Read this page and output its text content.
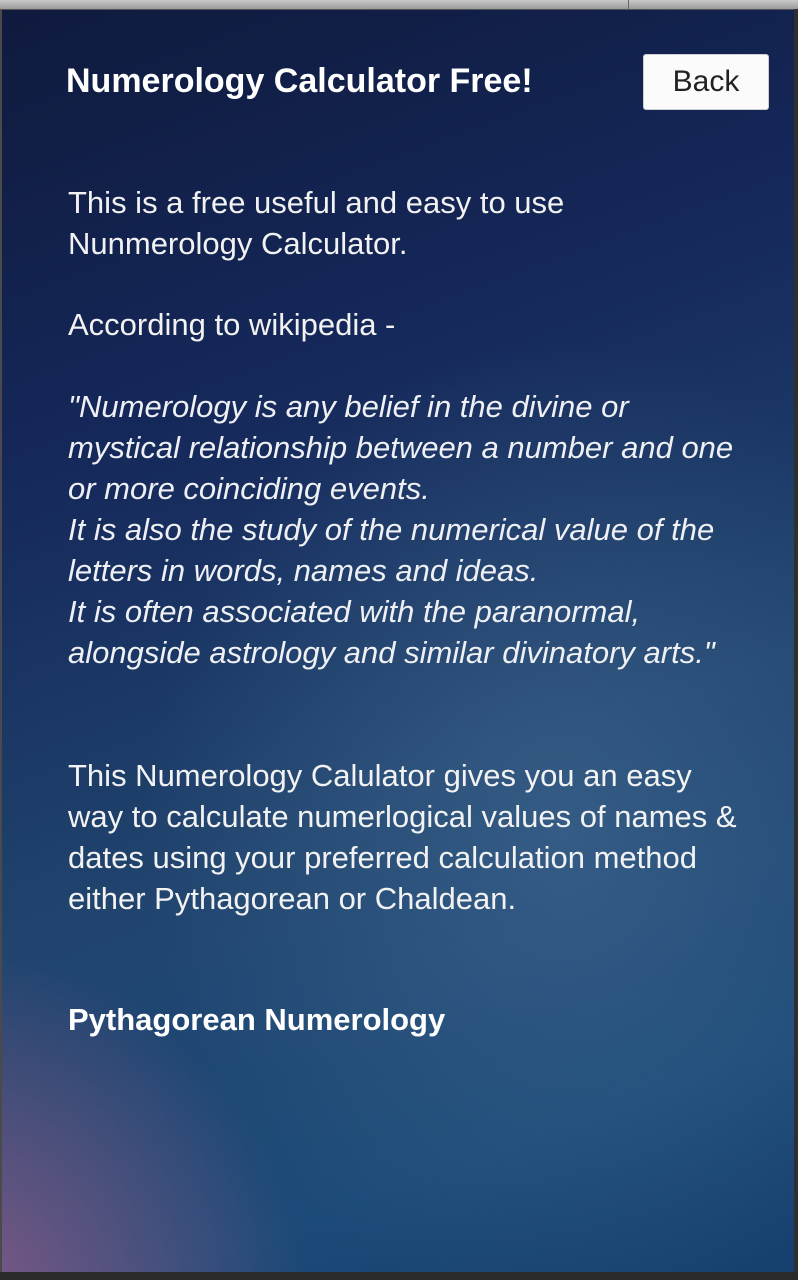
Numerology Calculator Free!	Back

This is a free useful and easy to use Nunmerology Calculator.

According to wikipedia -

"Numerology is any belief in the divine or mystical relationship between a number and one or more coinciding events.
It is also the study of the numerical value of the letters in words, names and ideas.
It is often associated with the paranormal, alongside astrology and similar divinatory arts."

This Numerology Calulator gives you an easy way to calculate numerlogical values of names & dates using your preferred calculation method either Pythagorean or Chaldean.

Pythagorean Numerology
